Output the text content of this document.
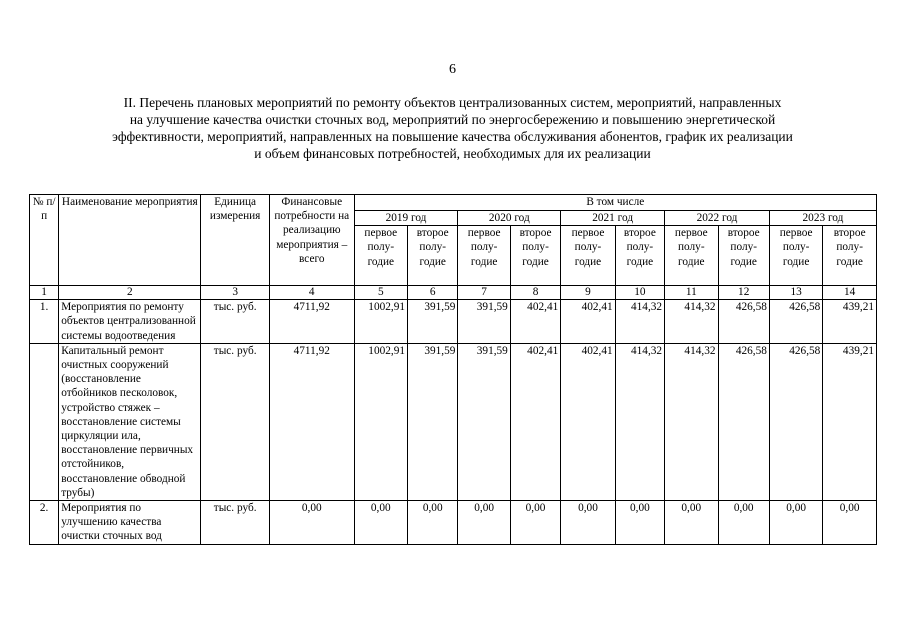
6
II. Перечень плановых мероприятий по ремонту объектов централизованных систем, мероприятий, направленных
на улучшение качества очистки сточных вод, мероприятий по энергосбережению и повышению энергетической
эффективности, мероприятий, направленных на повышение качества обслуживания абонентов, график их реализации
и объем финансовых потребностей, необходимых для их реализации
№ п/п	Наименование мероприятия	Единица измерения	Финансовые потребности на реализацию мероприятия – всего	В том числе									
				2019 год		2020 год		2021 год		2022 год		2023 год	
				первое полу-годие	второе полу-годие	первое полу-годие	второе полу-годие	первое полу-годие	второе полу-годие	первое полу-годие	второе полу-годие	первое полу-годие	второе полу-годие
1	2	3	4	5	6	7	8	9	10	11	12	13	14
1.	Мероприятия по ремонту объектов централизованной системы водоотведения	тыс. руб.	4711,92	1002,91	391,59	391,59	402,41	402,41	414,32	414,32	426,58	426,58	439,21
	Капитальный ремонт очистных сооружений (восстановление отбойников песколовок, устройство стяжек – восстановление системы циркуляции ила, восстановление первичных отстойников, восстановление обводной трубы)	тыс. руб.	4711,92	1002,91	391,59	391,59	402,41	402,41	414,32	414,32	426,58	426,58	439,21
2.	Мероприятия по улучшению качества очистки сточных вод	тыс. руб.	0,00	0,00	0,00	0,00	0,00	0,00	0,00	0,00	0,00	0,00	0,00
